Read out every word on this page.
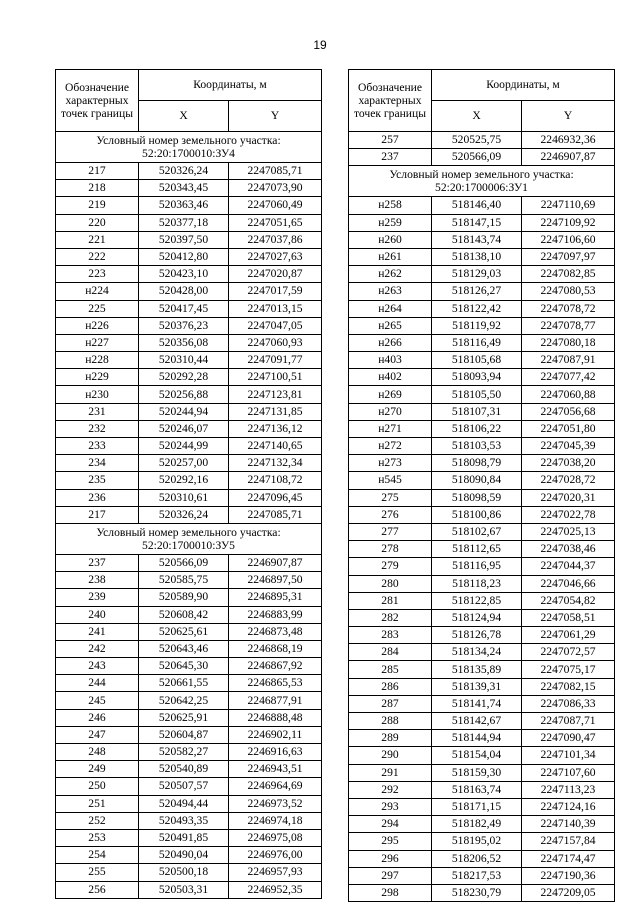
19
Обозначение характерных точек границы	Координаты, м	
	X	Y
Условный номер земельного участка: 52:20:1700010:ЗУ4		
217	520326,24	2247085,71
218	520343,45	2247073,90
219	520363,46	2247060,49
220	520377,18	2247051,65
221	520397,50	2247037,86
222	520412,80	2247027,63
223	520423,10	2247020,87
н224	520428,00	2247017,59
225	520417,45	2247013,15
н226	520376,23	2247047,05
н227	520356,08	2247060,93
н228	520310,44	2247091,77
н229	520292,28	2247100,51
н230	520256,88	2247123,81
231	520244,94	2247131,85
232	520246,07	2247136,12
233	520244,99	2247140,65
234	520257,00	2247132,34
235	520292,16	2247108,72
236	520310,61	2247096,45
217	520326,24	2247085,71
Условный номер земельного участка: 52:20:1700010:ЗУ5		
237	520566,09	2246907,87
238	520585,75	2246897,50
239	520589,90	2246895,31
240	520608,42	2246883,99
241	520625,61	2246873,48
242	520643,46	2246868,19
243	520645,30	2246867,92
244	520661,55	2246865,53
245	520642,25	2246877,91
246	520625,91	2246888,48
247	520604,87	2246902,11
248	520582,27	2246916,63
249	520540,89	2246943,51
250	520507,57	2246964,69
251	520494,44	2246973,52
252	520493,35	2246974,18
253	520491,85	2246975,08
254	520490,04	2246976,00
255	520500,18	2246957,93
256	520503,31	2246952,35
Обозначение характерных точек границы	Координаты, м	
	X	Y
257	520525,75	2246932,36
237	520566,09	2246907,87
Условный номер земельного участка: 52:20:1700006:ЗУ1		
н258	518146,40	2247110,69
н259	518147,15	2247109,92
н260	518143,74	2247106,60
н261	518138,10	2247097,97
н262	518129,03	2247082,85
н263	518126,27	2247080,53
н264	518122,42	2247078,72
н265	518119,92	2247078,77
н266	518116,49	2247080,18
н403	518105,68	2247087,91
н402	518093,94	2247077,42
н269	518105,50	2247060,88
н270	518107,31	2247056,68
н271	518106,22	2247051,80
н272	518103,53	2247045,39
н273	518098,79	2247038,20
н545	518090,84	2247028,72
275	518098,59	2247020,31
276	518100,86	2247022,78
277	518102,67	2247025,13
278	518112,65	2247038,46
279	518116,95	2247044,37
280	518118,23	2247046,66
281	518122,85	2247054,82
282	518124,94	2247058,51
283	518126,78	2247061,29
284	518134,24	2247072,57
285	518135,89	2247075,17
286	518139,31	2247082,15
287	518141,74	2247086,33
288	518142,67	2247087,71
289	518144,94	2247090,47
290	518154,04	2247101,34
291	518159,30	2247107,60
292	518163,74	2247113,23
293	518171,15	2247124,16
294	518182,49	2247140,39
295	518195,02	2247157,84
296	518206,52	2247174,47
297	518217,53	2247190,36
298	518230,79	2247209,05
